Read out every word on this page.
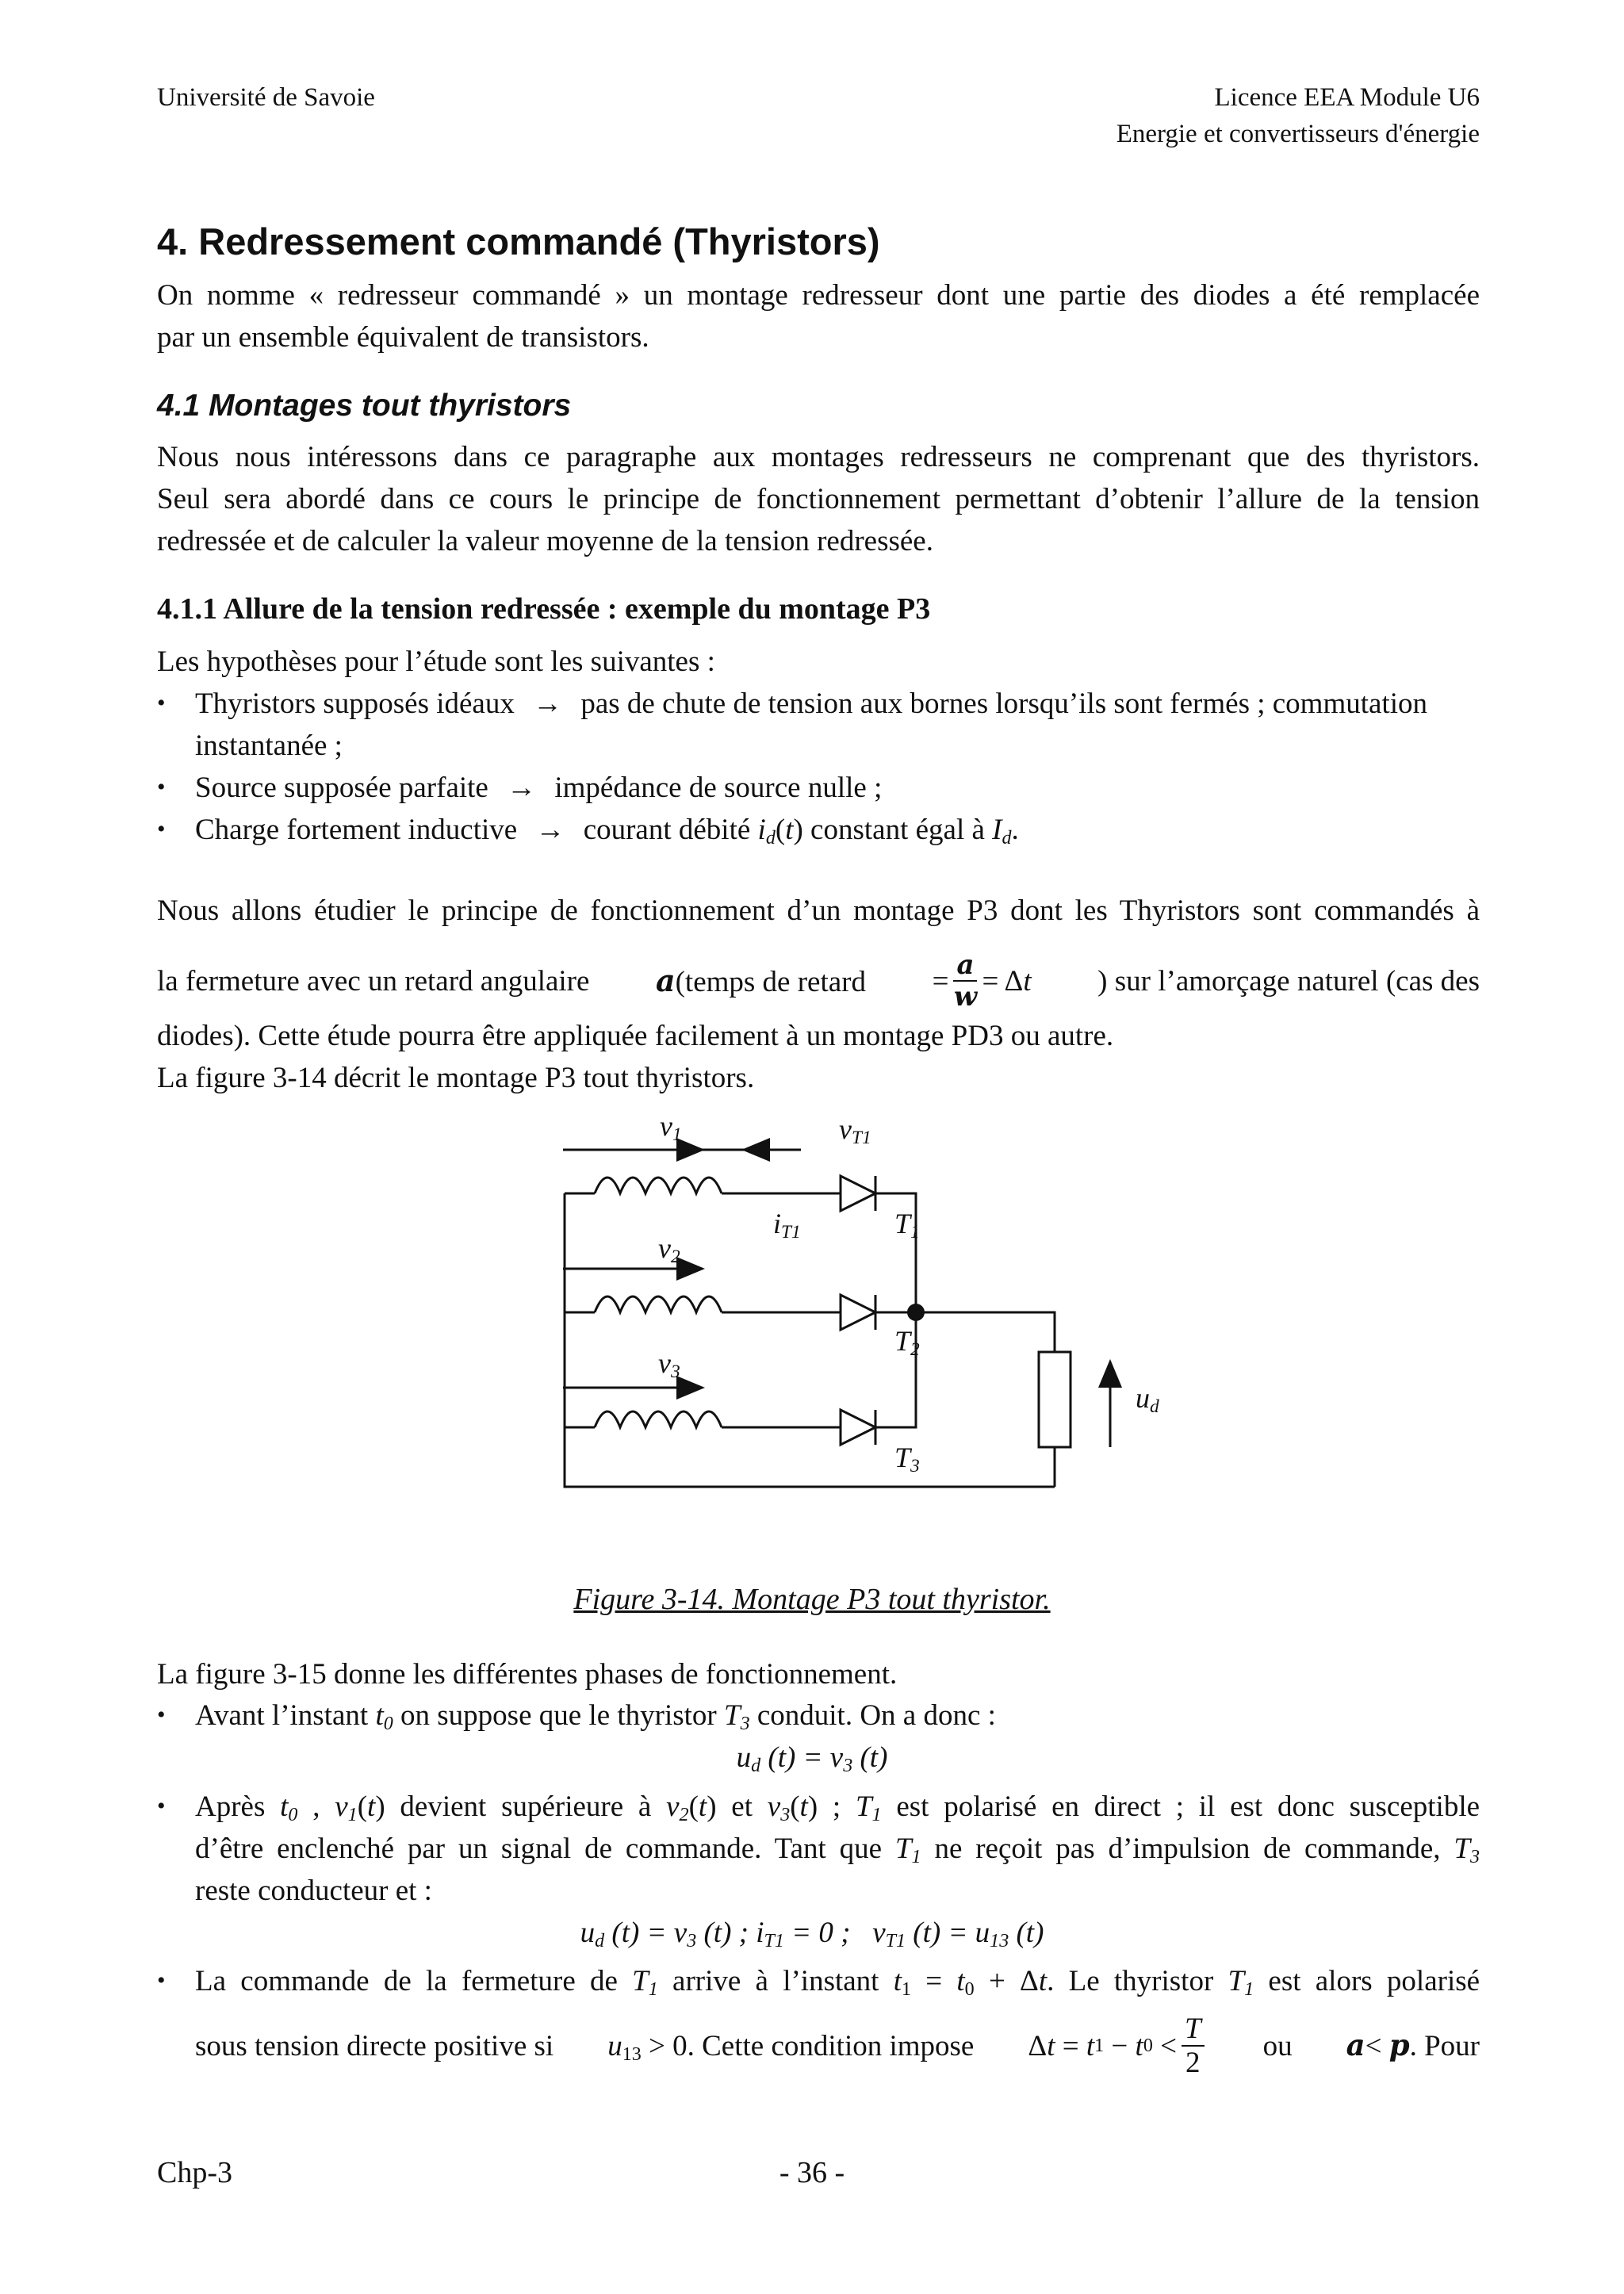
Université de Savoie	Licence EEA Module U6
Energie et convertisseurs d'énergie
4. Redressement commandé (Thyristors)
On nomme « redresseur commandé » un montage redresseur dont une partie des diodes a été remplacée
par un ensemble équivalent de transistors.
4.1 Montages tout thyristors
Nous nous intéressons dans ce paragraphe aux montages redresseurs ne comprenant que des thyristors.
Seul sera abordé dans ce cours le principe de fonctionnement permettant d’obtenir l’allure de la tension
redressée et de calculer la valeur moyenne de la tension redressée.
4.1.1 Allure de la tension redressée : exemple du montage P3
Les hypothèses pour l’étude sont les suivantes :
• Thyristors supposés idéaux → pas de chute de tension aux bornes lorsqu’ils sont fermés ; commutation
instantanée ;
• Source supposée parfaite → impédance de source nulle ;
• Charge fortement inductive → courant débité $i_d(t)$ constant égal à $I_d$.
Nous allons étudier le principe de fonctionnement d’un montage P3 dont les Thyristors sont commandés à
la fermeture avec un retard angulaire a(temps de retard = $\frac{a}{w} = \Delta$ t ) sur l’amorçage naturel (cas des
diodes). Cette étude pourra être appliquée facilement à un montage PD3 ou autre.
La figure 3-14 décrit le montage P3 tout thyristors.
$v_1$	$v_{T1}$
$i_{T1}$	$T_1$
$v_2$
$T_2$
$v_3$
$u_d$
$T_3$
Figure 3-14. Montage P3 tout thyristor.
La figure 3-15 donne les différentes phases de fonctionnement.
• Avant l’instant $t_0$ on suppose que le thyristor $T_3$ conduit. On a donc :
$u_d$ $(t) = v_3$ (t)
• Après $t_0$ , $v_1(t)$ devient supérieure à $v_2(t)$ et $v_3(t)$ ; $T_1$ est polarisé en direct ; il est donc susceptible
d’être enclenché par un signal de commande. Tant que $T_1$ ne reçoit pas d’impulsion de commande, $T_3$
reste conducteur et :
$u_d$ $(t) = v_3$ (t) ; $i_{T1} = 0$ ;   $v_{T1}$ $(t) = u_{13}$ (t)
• La commande de la fermeture de $T_1$ arrive à l’instant $t_1 = t_0 + \Delta t$. Le thyristor $T_1$ est alors polarisé
sous tension directe positive si $u_{13} > 0$. Cette condition impose Δ t = t 1 − t $0 < \frac{T}{2}$ ou a< p. Pour
Chp-3	- 36 -
